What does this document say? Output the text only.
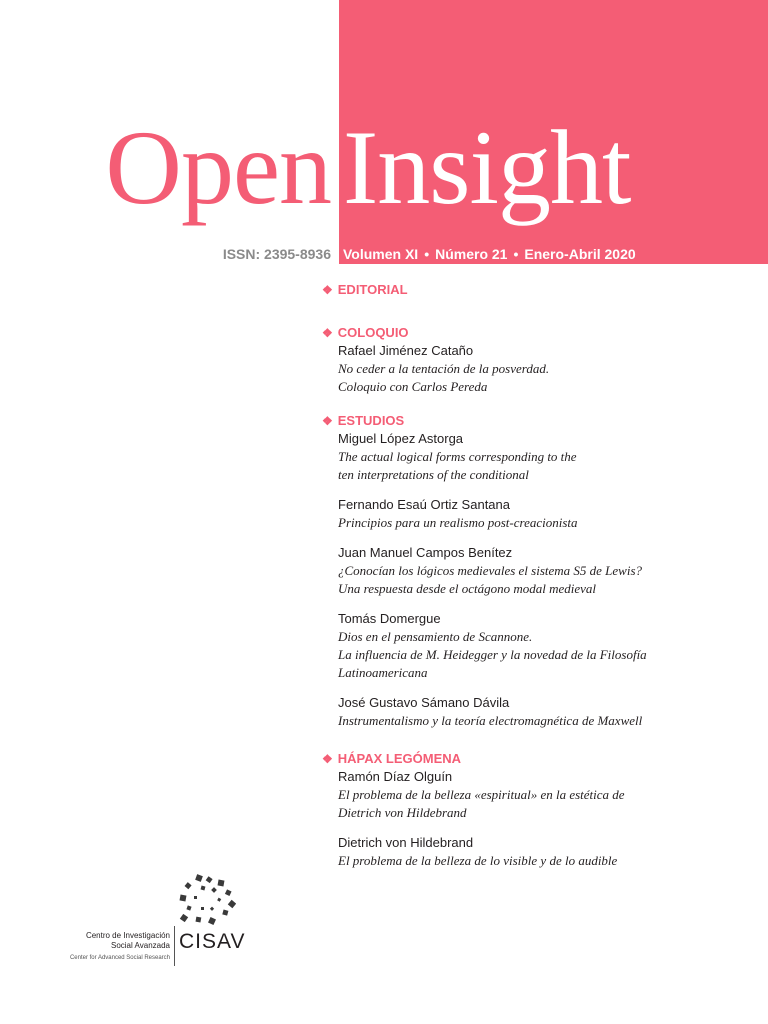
Open Insight
ISSN: 2395-8936 Volumen XI • Número 21 • Enero-Abril 2020
❖ EDITORIAL
❖ COLOQUIO
Rafael Jiménez Cataño
No ceder a la tentación de la posverdad.
Coloquio con Carlos Pereda
❖ ESTUDIOS
Miguel López Astorga
The actual logical forms corresponding to the
ten interpretations of the conditional
Fernando Esaú Ortiz Santana
Principios para un realismo post-creacionista
Juan Manuel Campos Benítez
¿Conocían los lógicos medievales el sistema S5 de Lewis?
Una respuesta desde el octágono modal medieval
Tomás Domergue
Dios en el pensamiento de Scannone.
La influencia de M. Heidegger y la novedad de la Filosofía
Latinoamericana
José Gustavo Sámano Dávila
Instrumentalismo y la teoría electromagnética de Maxwell
❖ HÁPAX LEGÓMENA
Ramón Díaz Olguín
El problema de la belleza «espiritual» en la estética de
Dietrich von Hildebrand
Dietrich von Hildebrand
El problema de la belleza de lo visible y de lo audible
Centro de Investigación
Social Avanzada
Center for Advanced Social Research
CISAV
